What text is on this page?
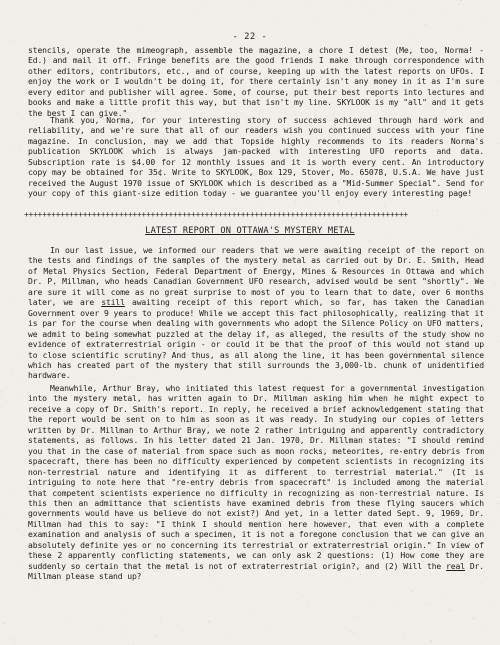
- 22 -

stencils, operate the mimeograph, assemble the magazine, a chore I detest (Me, too, Norma! - Ed.) and mail it off. Fringe benefits are the good friends I make through correspondence with other editors, contributors, etc., and of course, keeping up with the latest reports on UFOs. I enjoy the work or I wouldn't be doing it, for there certainly isn't any money in it as I'm sure every editor and publisher will agree. Some, of course, put their best reports into lectures and books and make a little profit this way, but that isn't my line. SKYLOOK is my "all" and it gets the best I can give."

Thank you, Norma, for your interesting story of success achieved through hard work and reliability, and we're sure that all of our readers wish you continued success with your fine magazine. In conclusion, may we add that Topside highly recommends to its readers Norma's publication SKYLOOK which is always jam-packed with interesting UFO reports and data. Subscription rate is $4.00 for 12 monthly issues and it is worth every cent. An introductory copy may be obtained for 35¢. Write to SKYLOOK, Box 129, Stover, Mo. 65078, U.S.A. We have just received the August 1970 issue of SKYLOOK which is described as a "Mid-Summer Special". Send for your copy of this giant-size edition today - we guarantee you'll enjoy every interesting page!

+++++++++++++++++++++++++++++++++++++++++++++++++++++++++++++++++++++++++++++++++++++
LATEST REPORT ON OTTAWA'S MYSTERY METAL

In our last issue, we informed our readers that we were awaiting receipt of the report on the tests and findings of the samples of the mystery metal as carried out by Dr. E. Smith, Head of Metal Physics Section, Federal Department of Energy, Mines & Resources in Ottawa and which Dr. P. Millman, who heads Canadian Government UFO research, advised would be sent "shortly". We are sure it will come as no great surprise to most of you to learn that to date, over 6 months later, we are still awaiting receipt of this report which, so far, has taken the Canadian Government over 9 years to produce! While we accept this fact philosophically, realizing that it is par for the course when dealing with governments who adopt the Silence Policy on UFO matters, we admit to being somewhat puzzled at the delay if, as alleged, the results of the study show no evidence of extraterrestrial origin - or could it be that the proof of this would not stand up to close scientific scrutiny? And thus, as all along the line, it has been governmental silence which has created part of the mystery that still surrounds the 3,000-lb. chunk of unidentified hardware.

Meanwhile, Arthur Bray, who initiated this latest request for a governmental investigation into the mystery metal, has written again to Dr. Millman asking him when he might expect to receive a copy of Dr. Smith's report. In reply, he received a brief acknowledgement stating that the report would be sent on to him as soon as it was ready. In studying our copies of letters written by Dr. Millman to Arthur Bray, we note 2 rather intriguing and apparently contradictory statements, as follows. In his letter dated 21 Jan. 1970, Dr. Millman states: "I should remind you that in the case of material from space such as moon rocks, meteorites, re-entry debris from spacecraft, there has been no difficulty experienced by competent scientists in recognizing its non-terrestrial nature and identifying it as different to terrestrial material." (It is intriguing to note here that "re-entry debris from spacecraft" is included among the material that competent scientists experience no difficulty in recognizing as non-terrestrial nature. Is this then an admittance that scientists have examined debris from these flying saucers which governments would have us believe do not exist?) And yet, in a letter dated Sept. 9, 1969, Dr. Millman had this to say: "I think I should mention here however, that even with a complete examination and analysis of such a specimen, it is not a foregone conclusion that we can give an absolutely definite yes or no concerning its terrestrial or extraterrestrial origin." In view of these 2 apparently conflicting statements, we can only ask 2 questions: (1) How come they are suddenly so certain that the metal is not of extraterrestrial origin?, and (2) Will the real Dr. Millman please stand up?
